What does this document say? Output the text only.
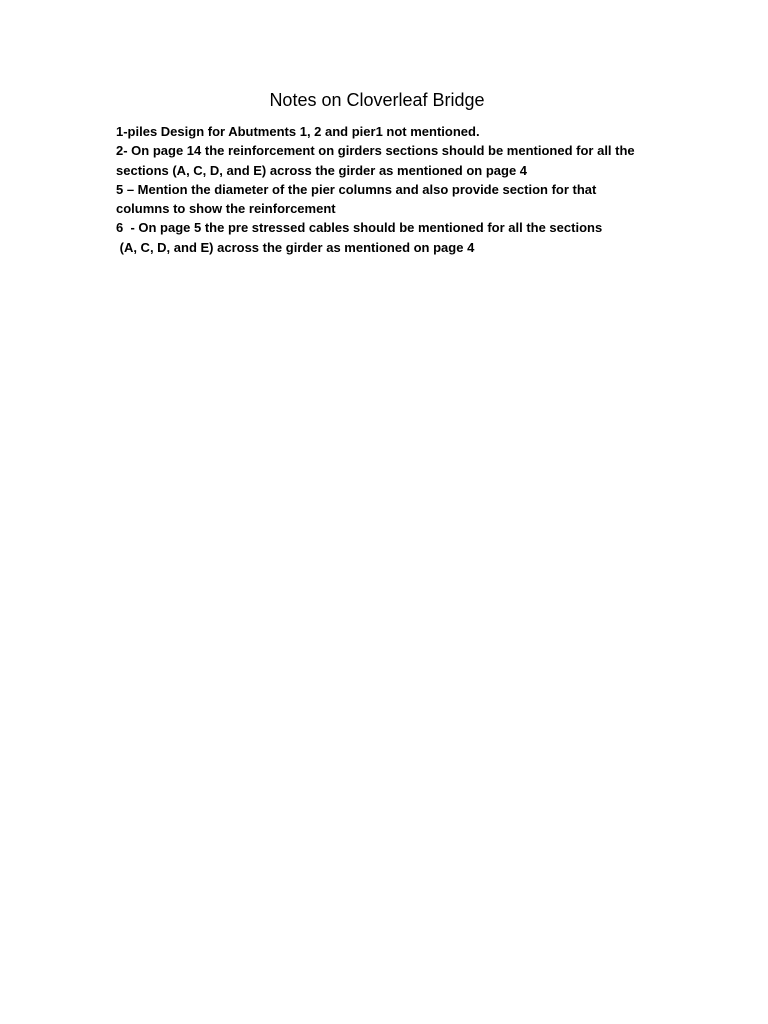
Notes on Cloverleaf Bridge
1-piles Design for Abutments 1, 2 and pier1 not mentioned.
2- On page 14 the reinforcement on girders sections should be mentioned for all the
sections (A, C, D, and E) across the girder as mentioned on page 4
5 – Mention the diameter of the pier columns and also provide section for that
columns to show the reinforcement
6  - On page 5 the pre stressed cables should be mentioned for all the sections
(A, C, D, and E) across the girder as mentioned on page 4
